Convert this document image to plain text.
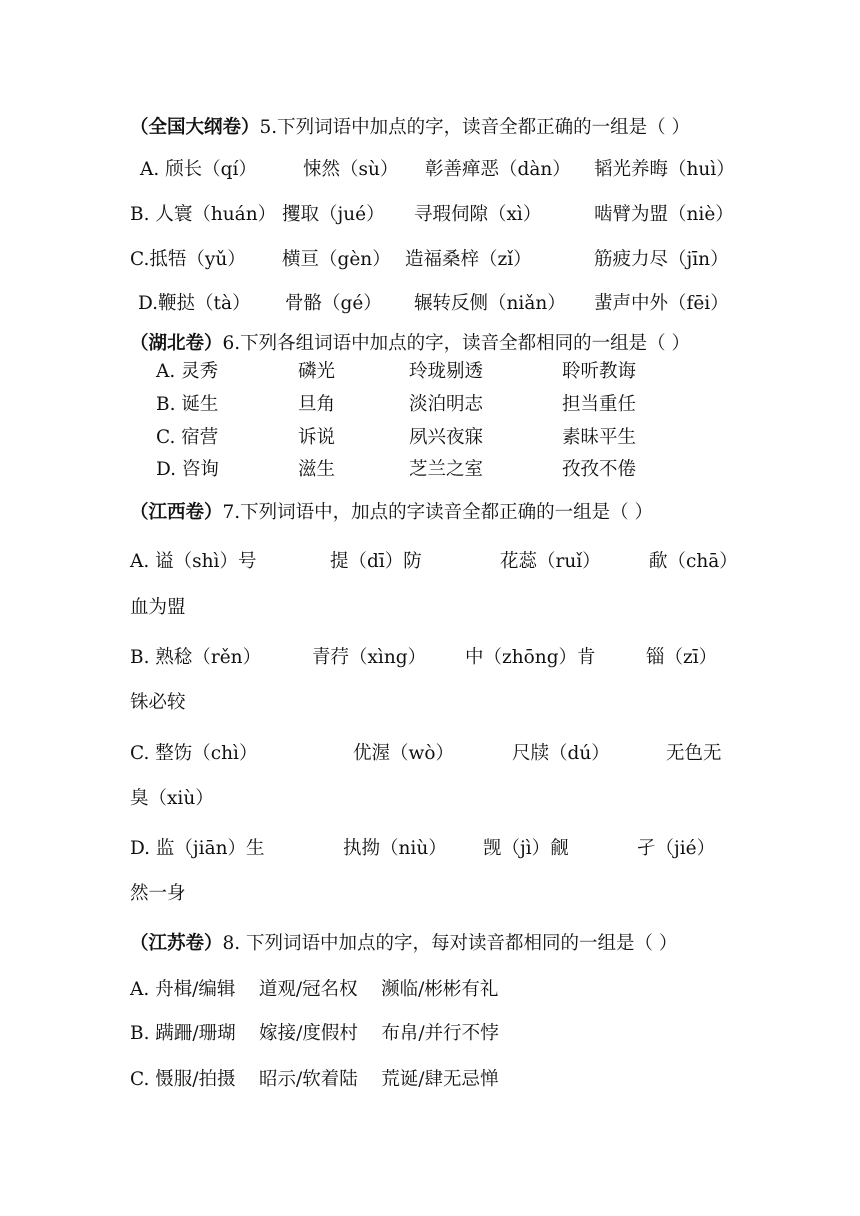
（全国大纲卷）5.下列词语中加点的字，读音全都正确的一组是（ ）
A. 颀长（qí） 悚然（sù） 彰善瘅恶（dàn） 韬光养晦（huì）
B. 人寰（huán） 攫取（jué） 寻瑕伺隙（xì）	啮臂为盟（niè）
C.抵牾（yǔ） 横亘（gèn） 造福桑梓（zǐ）	筋疲力尽（jīn）
D.鞭挞（tà） 骨骼（gé） 辗转反侧（niǎn） 蜚声中外（fēi）
（湖北卷）6.下列各组词语中加点的字，读音全都相同的一组是（ ）
A. 灵秀	磷光	玲珑剔透	聆听教诲
B. 诞生	旦角	淡泊明志	担当重任
C. 宿营	诉说	夙兴夜寐	素昧平生
D. 咨询	滋生	芝兰之室	孜孜不倦
（江西卷）7.下列词语中，加点的字读音全都正确的一组是（ ）
A. 谥（shì）号	提（dī）防	花蕊（ruǐ）	歃（chā）
血为盟
B. 熟稔（rěn）	青荇（xìng） 中（zhōng）肯	锱（zī）
铢必较
C. 整饬（chì）	优渥（wò）	尺牍（dú）	无色无
臭（xiù）
D. 监（jiān）生	执拗（niù） 觊（jì）觎	孑（jié）
然一身
（江苏卷）8. 下列词语中加点的字，每对读音都相同的一组是（ ）
A. 舟楫/编辑    道观/冠名权    濒临/彬彬有礼
B. 蹒跚/珊瑚    嫁接/度假村    布帛/并行不悖
C. 慑服/拍摄    昭示/软着陆    荒诞/肆无忌惮
